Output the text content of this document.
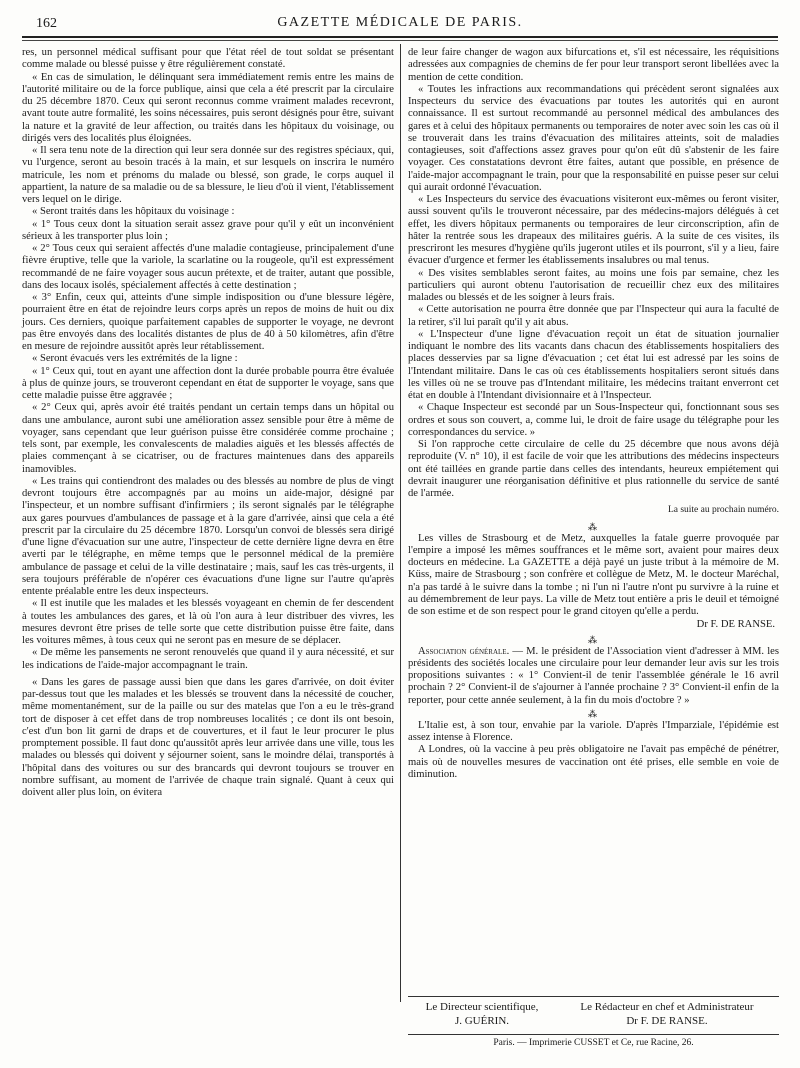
162	GAZETTE MÉDICALE DE PARIS.

res, un personnel médical suffisant pour que l'état réel de tout soldat se présentant comme malade ou blessé puisse y être régulièrement constaté.

« En cas de simulation, le délinquant sera immédiatement remis entre les mains de l'autorité militaire ou de la force publique, ainsi que cela a été prescrit par la circulaire du 25 décembre 1870. Ceux qui seront reconnus comme vraiment malades recevront, avant toute autre formalité, les soins nécessaires, puis seront désignés pour être, suivant la nature et la gravité de leur affection, ou traités dans les hôpitaux du voisinage, ou dirigés vers des localités plus éloignées.

« Il sera tenu note de la direction qui leur sera donnée sur des registres spéciaux, qui, vu l'urgence, seront au besoin tracés à la main, et sur lesquels on inscrira le numéro matricule, les nom et prénoms du malade ou blessé, son grade, le corps auquel il appartient, la nature de sa maladie ou de sa blessure, le lieu d'où il vient, l'établissement vers lequel on le dirige.

« Seront traités dans les hôpitaux du voisinage :

« 1° Tous ceux dont la situation serait assez grave pour qu'il y eût un inconvénient sérieux à les transporter plus loin ;

« 2° Tous ceux qui seraient affectés d'une maladie contagieuse, principalement d'une fièvre éruptive, telle que la variole, la scarlatine ou la rougeole, qu'il est expressément recommandé de ne faire voyager sous aucun prétexte, et de traiter, autant que possible, dans des locaux isolés, spécialement affectés à cette destination ;

« 3° Enfin, ceux qui, atteints d'une simple indisposition ou d'une blessure légère, pourraient être en état de rejoindre leurs corps après un repos de moins de huit ou dix jours. Ces derniers, quoique parfaitement capables de supporter le voyage, ne devront pas être envoyés dans des localités distantes de plus de 40 à 50 kilomètres, afin d'être en mesure de rejoindre aussitôt après leur rétablissement.

« Seront évacués vers les extrémités de la ligne :

« 1° Ceux qui, tout en ayant une affection dont la durée probable pourra être évaluée à plus de quinze jours, se trouveront cependant en état de supporter le voyage, sans que cette maladie puisse être aggravée ;

« 2° Ceux qui, après avoir été traités pendant un certain temps dans un hôpital ou dans une ambulance, auront subi une amélioration assez sensible pour être à même de voyager, sans cependant que leur guérison puisse être considérée comme prochaine ; tels sont, par exemple, les convalescents de maladies aiguës et les blessés affectés de plaies commençant à se cicatriser, ou de fractures maintenues dans des appareils inamovibles.

« Les trains qui contiendront des malades ou des blessés au nombre de plus de vingt devront toujours être accompagnés par au moins un aide-major, désigné par l'inspecteur, et un nombre suffisant d'infirmiers ; ils seront signalés par le télégraphe aux gares pourvues d'ambulances de passage et à la gare d'arrivée, ainsi que cela a été prescrit par la circulaire du 25 décembre 1870. Lorsqu'un convoi de blessés sera dirigé d'une ligne d'évacuation sur une autre, l'inspecteur de cette dernière ligne devra en être averti par le télégraphe, en même temps que le personnel médical de la première ambulance de passage et celui de la ville destinataire ; mais, sauf les cas très-urgents, il sera toujours préférable de n'opérer ces évacuations d'une ligne sur l'autre qu'après entente préalable entre les deux inspecteurs.

« Il est inutile que les malades et les blessés voyageant en chemin de fer descendent à toutes les ambulances des gares, et là où l'on aura à leur distribuer des vivres, les mesures devront être prises de telle sorte que cette distribution puisse être faite, dans les voitures mêmes, à tous ceux qui ne seront pas en mesure de se déplacer.

« De même les pansements ne seront renouvelés que quand il y aura nécessité, et sur les indications de l'aide-major accompagnant le train.

« Dans les gares de passage aussi bien que dans les gares d'arrivée, on doit éviter par-dessus tout que les malades et les blessés se trouvent dans la nécessité de coucher, même momentanément, sur de la paille ou sur des matelas que l'on a eu le très-grand tort de disposer à cet effet dans de trop nombreuses localités ; ce dont ils ont besoin, c'est d'un bon lit garni de draps et de couvertures, et il faut le leur procurer le plus promptement possible. Il faut donc qu'aussitôt après leur arrivée dans une ville, tous les malades ou blessés qui doivent y séjourner soient, sans le moindre délai, transportés à l'hôpital dans des voitures ou sur des brancards qui devront toujours se trouver en nombre suffisant, au moment de l'arrivée de chaque train signalé. Quant à ceux qui doivent aller plus loin, on évitera

de leur faire changer de wagon aux bifurcations et, s'il est nécessaire, les réquisitions adressées aux compagnies de chemins de fer pour leur transport seront libellées avec la mention de cette condition.

« Toutes les infractions aux recommandations qui précèdent seront signalées aux Inspecteurs du service des évacuations par toutes les autorités qui en auront connaissance. Il est surtout recommandé au personnel médical des ambulances des gares et à celui des hôpitaux permanents ou temporaires de noter avec soin les cas où il se trouverait dans les trains d'évacuation des militaires atteints, soit de maladies contagieuses, soit d'affections assez graves pour qu'on eût dû s'abstenir de les faire voyager. Ces constatations devront être faites, autant que possible, en présence de l'aide-major accompagnant le train, pour que la responsabilité en puisse peser sur celui qui aurait ordonné l'évacuation.

« Les Inspecteurs du service des évacuations visiteront eux-mêmes ou feront visiter, aussi souvent qu'ils le trouveront nécessaire, par des médecins-majors délégués à cet effet, les divers hôpitaux permanents ou temporaires de leur circonscription, afin de hâter la rentrée sous les drapeaux des militaires guéris. A la suite de ces visites, ils prescriront les mesures d'hygiène qu'ils jugeront utiles et ils pourront, s'il y a lieu, faire évacuer d'urgence et fermer les établissements insalubres ou mal tenus.

« Des visites semblables seront faites, au moins une fois par semaine, chez les particuliers qui auront obtenu l'autorisation de recueillir chez eux des militaires malades ou blessés et de les soigner à leurs frais.

« Cette autorisation ne pourra être donnée que par l'Inspecteur qui aura la faculté de la retirer, s'il lui paraît qu'il y ait abus.

« L'Inspecteur d'une ligne d'évacuation reçoit un état de situation journalier indiquant le nombre des lits vacants dans chacun des établissements hospitaliers des places desservies par sa ligne d'évacuation ; cet état lui est adressé par les soins de l'Intendant militaire. Dans le cas où ces établissements hospitaliers seront situés dans les villes où ne se trouve pas d'Intendant militaire, les médecins traitant enverront cet état en double à l'Intendant divisionnaire et à l'Inspecteur.

« Chaque Inspecteur est secondé par un Sous-Inspecteur qui, fonctionnant sous ses ordres et sous son couvert, a, comme lui, le droit de faire usage du télégraphe pour les correspondances du service. »

Si l'on rapproche cette circulaire de celle du 25 décembre que nous avons déjà reproduite (V. n° 10), il est facile de voir que les attributions des médecins inspecteurs ont été taillées en grande partie dans celles des intendants, heureux empiétement qui devrait inaugurer une réorganisation définitive et plus rationnelle du service de santé de l'armée.

La suite au prochain numéro.
⁂

Les villes de Strasbourg et de Metz, auxquelles la fatale guerre provoquée par l'empire a imposé les mêmes souffrances et le même sort, avaient pour maires deux docteurs en médecine. La GAZETTE a déjà payé un juste tribut à la mémoire de M. Küss, maire de Strasbourg ; son confrère et collègue de Metz, M. le docteur Maréchal, n'a pas tardé à le suivre dans la tombe ; ni l'un ni l'autre n'ont pu survivre à la ruine et au démembrement de leur pays. La ville de Metz tout entière a pris le deuil et témoigné de son estime et de son respect pour le grand citoyen qu'elle a perdu.

Dr F. DE RANSE.
⁂

Association générale. — M. le président de l'Association vient d'adresser à MM. les présidents des sociétés locales une circulaire pour leur demander leur avis sur les trois propositions suivantes : « 1° Convient-il de tenir l'assemblée générale le 16 avril prochain ? 2° Convient-il de s'ajourner à l'année prochaine ? 3° Convient-il enfin de la reporter, pour cette année seulement, à la fin du mois d'octobre ? »

⁂

L'Italie est, à son tour, envahie par la variole. D'après l'Imparziale, l'épidémie est assez intense à Florence.

A Londres, où la vaccine à peu près obligatoire ne l'avait pas empêché de pénétrer, mais où de nouvelles mesures de vaccination ont été prises, elle semble en voie de diminution.

Le Directeur scientifique,
J. GUÉRIN.
Le Rédacteur en chef et Administrateur
Dr F. DE RANSE.
Paris. — Imprimerie CUSSET et Ce, rue Racine, 26.
